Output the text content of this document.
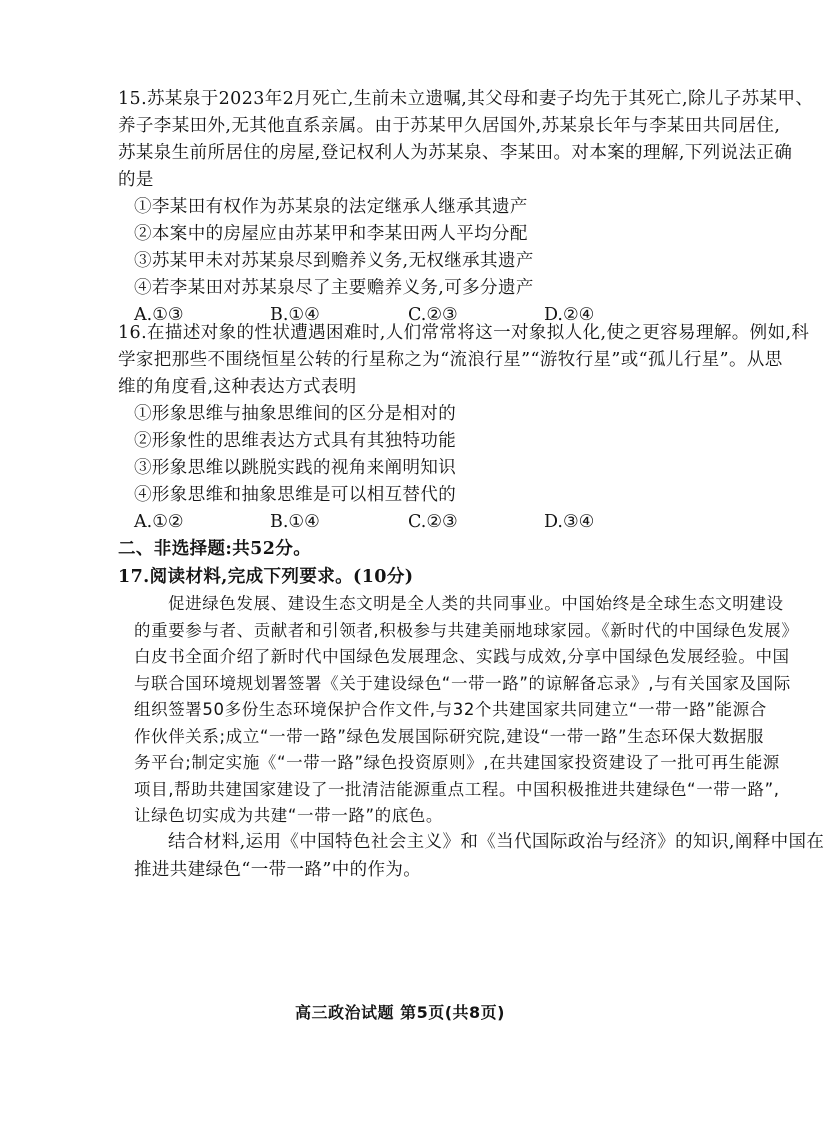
15.苏某泉于2023年2月死亡,生前未立遗嘱,其父母和妻子均先于其死亡,除儿子苏某甲、
养子李某田外,无其他直系亲属。由于苏某甲久居国外,苏某泉长年与李某田共同居住,
苏某泉生前所居住的房屋,登记权利人为苏某泉、李某田。对本案的理解,下列说法正确
的是
①李某田有权作为苏某泉的法定继承人继承其遗产
②本案中的房屋应由苏某甲和李某田两人平均分配
③苏某甲未对苏某泉尽到赡养义务,无权继承其遗产
④若李某田对苏某泉尽了主要赡养义务,可多分遗产
A.①③	B.①④	C.②③	D.②④
16.在描述对象的性状遭遇困难时,人们常常将这一对象拟人化,使之更容易理解。例如,科
学家把那些不围绕恒星公转的行星称之为“流浪行星”“游牧行星”或“孤儿行星”。从思
维的角度看,这种表达方式表明
①形象思维与抽象思维间的区分是相对的
②形象性的思维表达方式具有其独特功能
③形象思维以跳脱实践的视角来阐明知识
④形象思维和抽象思维是可以相互替代的
A.①②	B.①④	C.②③	D.③④
二、非选择题:共52分。
17.阅读材料,完成下列要求。(10分)
促进绿色发展、建设生态文明是全人类的共同事业。中国始终是全球生态文明建设
的重要参与者、贡献者和引领者,积极参与共建美丽地球家园。《新时代的中国绿色发展》
白皮书全面介绍了新时代中国绿色发展理念、实践与成效,分享中国绿色发展经验。中国
与联合国环境规划署签署《关于建设绿色“一带一路”的谅解备忘录》,与有关国家及国际
组织签署50多份生态环境保护合作文件,与32个共建国家共同建立“一带一路”能源合
作伙伴关系;成立“一带一路”绿色发展国际研究院,建设“一带一路”生态环保大数据服
务平台;制定实施《“一带一路”绿色投资原则》,在共建国家投资建设了一批可再生能源
项目,帮助共建国家建设了一批清洁能源重点工程。中国积极推进共建绿色“一带一路”,
让绿色切实成为共建“一带一路”的底色。
结合材料,运用《中国特色社会主义》和《当代国际政治与经济》的知识,阐释中国在
推进共建绿色“一带一路”中的作为。
高三政治试题 第5页(共8页)
